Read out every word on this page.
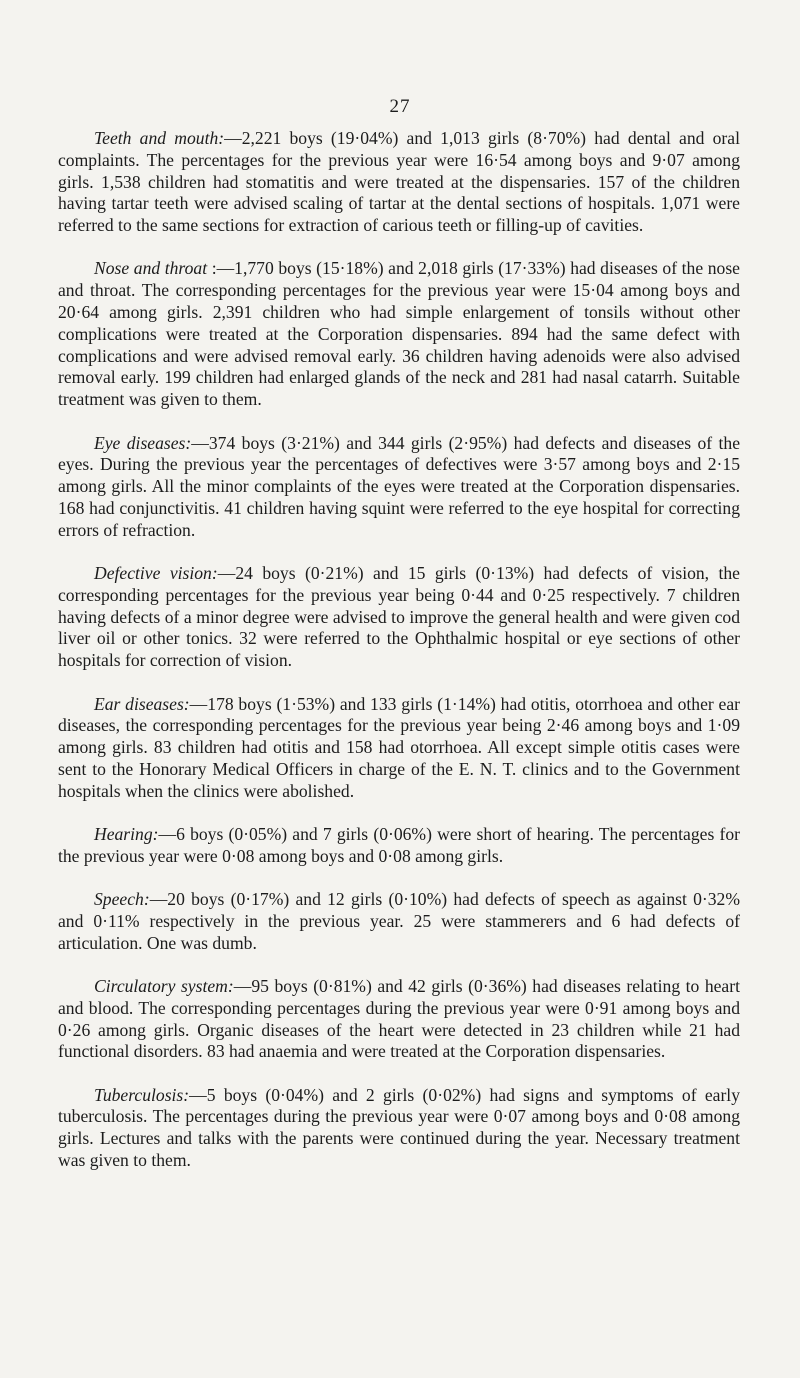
27

Teeth and mouth:—2,221 boys (19·04%) and 1,013 girls (8·70%) had dental and oral complaints. The percentages for the previous year were 16·54 among boys and 9·07 among girls. 1,538 children had stomatitis and were treated at the dispensaries. 157 of the children having tartar teeth were advised scaling of tartar at the dental sections of hospitals. 1,071 were referred to the same sections for extraction of carious teeth or filling-up of cavities.

Nose and throat :—1,770 boys (15·18%) and 2,018 girls (17·33%) had diseases of the nose and throat. The corresponding percentages for the previous year were 15·04 among boys and 20·64 among girls. 2,391 children who had simple enlargement of tonsils without other complications were treated at the Corporation dispensaries. 894 had the same defect with complications and were advised removal early. 36 children having adenoids were also advised removal early. 199 children had enlarged glands of the neck and 281 had nasal catarrh. Suitable treatment was given to them.

Eye diseases:—374 boys (3·21%) and 344 girls (2·95%) had defects and diseases of the eyes. During the previous year the percentages of defectives were 3·57 among boys and 2·15 among girls. All the minor complaints of the eyes were treated at the Corporation dispensaries. 168 had conjunctivitis. 41 children having squint were referred to the eye hospital for correcting errors of refraction.

Defective vision:—24 boys (0·21%) and 15 girls (0·13%) had defects of vision, the corresponding percentages for the previous year being 0·44 and 0·25 respectively. 7 children having defects of a minor degree were advised to improve the general health and were given cod liver oil or other tonics. 32 were referred to the Ophthalmic hospital or eye sections of other hospitals for correction of vision.

Ear diseases:—178 boys (1·53%) and 133 girls (1·14%) had otitis, otorrhoea and other ear diseases, the corresponding percentages for the previous year being 2·46 among boys and 1·09 among girls. 83 children had otitis and 158 had otorrhoea. All except simple otitis cases were sent to the Honorary Medical Officers in charge of the E. N. T. clinics and to the Government hospitals when the clinics were abolished.

Hearing:—6 boys (0·05%) and 7 girls (0·06%) were short of hearing. The percentages for the previous year were 0·08 among boys and 0·08 among girls.

Speech:—20 boys (0·17%) and 12 girls (0·10%) had defects of speech as against 0·32% and 0·11% respectively in the previous year. 25 were stammerers and 6 had defects of articulation. One was dumb.

Circulatory system:—95 boys (0·81%) and 42 girls (0·36%) had diseases relating to heart and blood. The corresponding percentages during the previous year were 0·91 among boys and 0·26 among girls. Organic diseases of the heart were detected in 23 children while 21 had functional disorders. 83 had anaemia and were treated at the Corporation dispensaries.

Tuberculosis:—5 boys (0·04%) and 2 girls (0·02%) had signs and symptoms of early tuberculosis. The percentages during the previous year were 0·07 among boys and 0·08 among girls. Lectures and talks with the parents were continued during the year. Necessary treatment was given to them.
